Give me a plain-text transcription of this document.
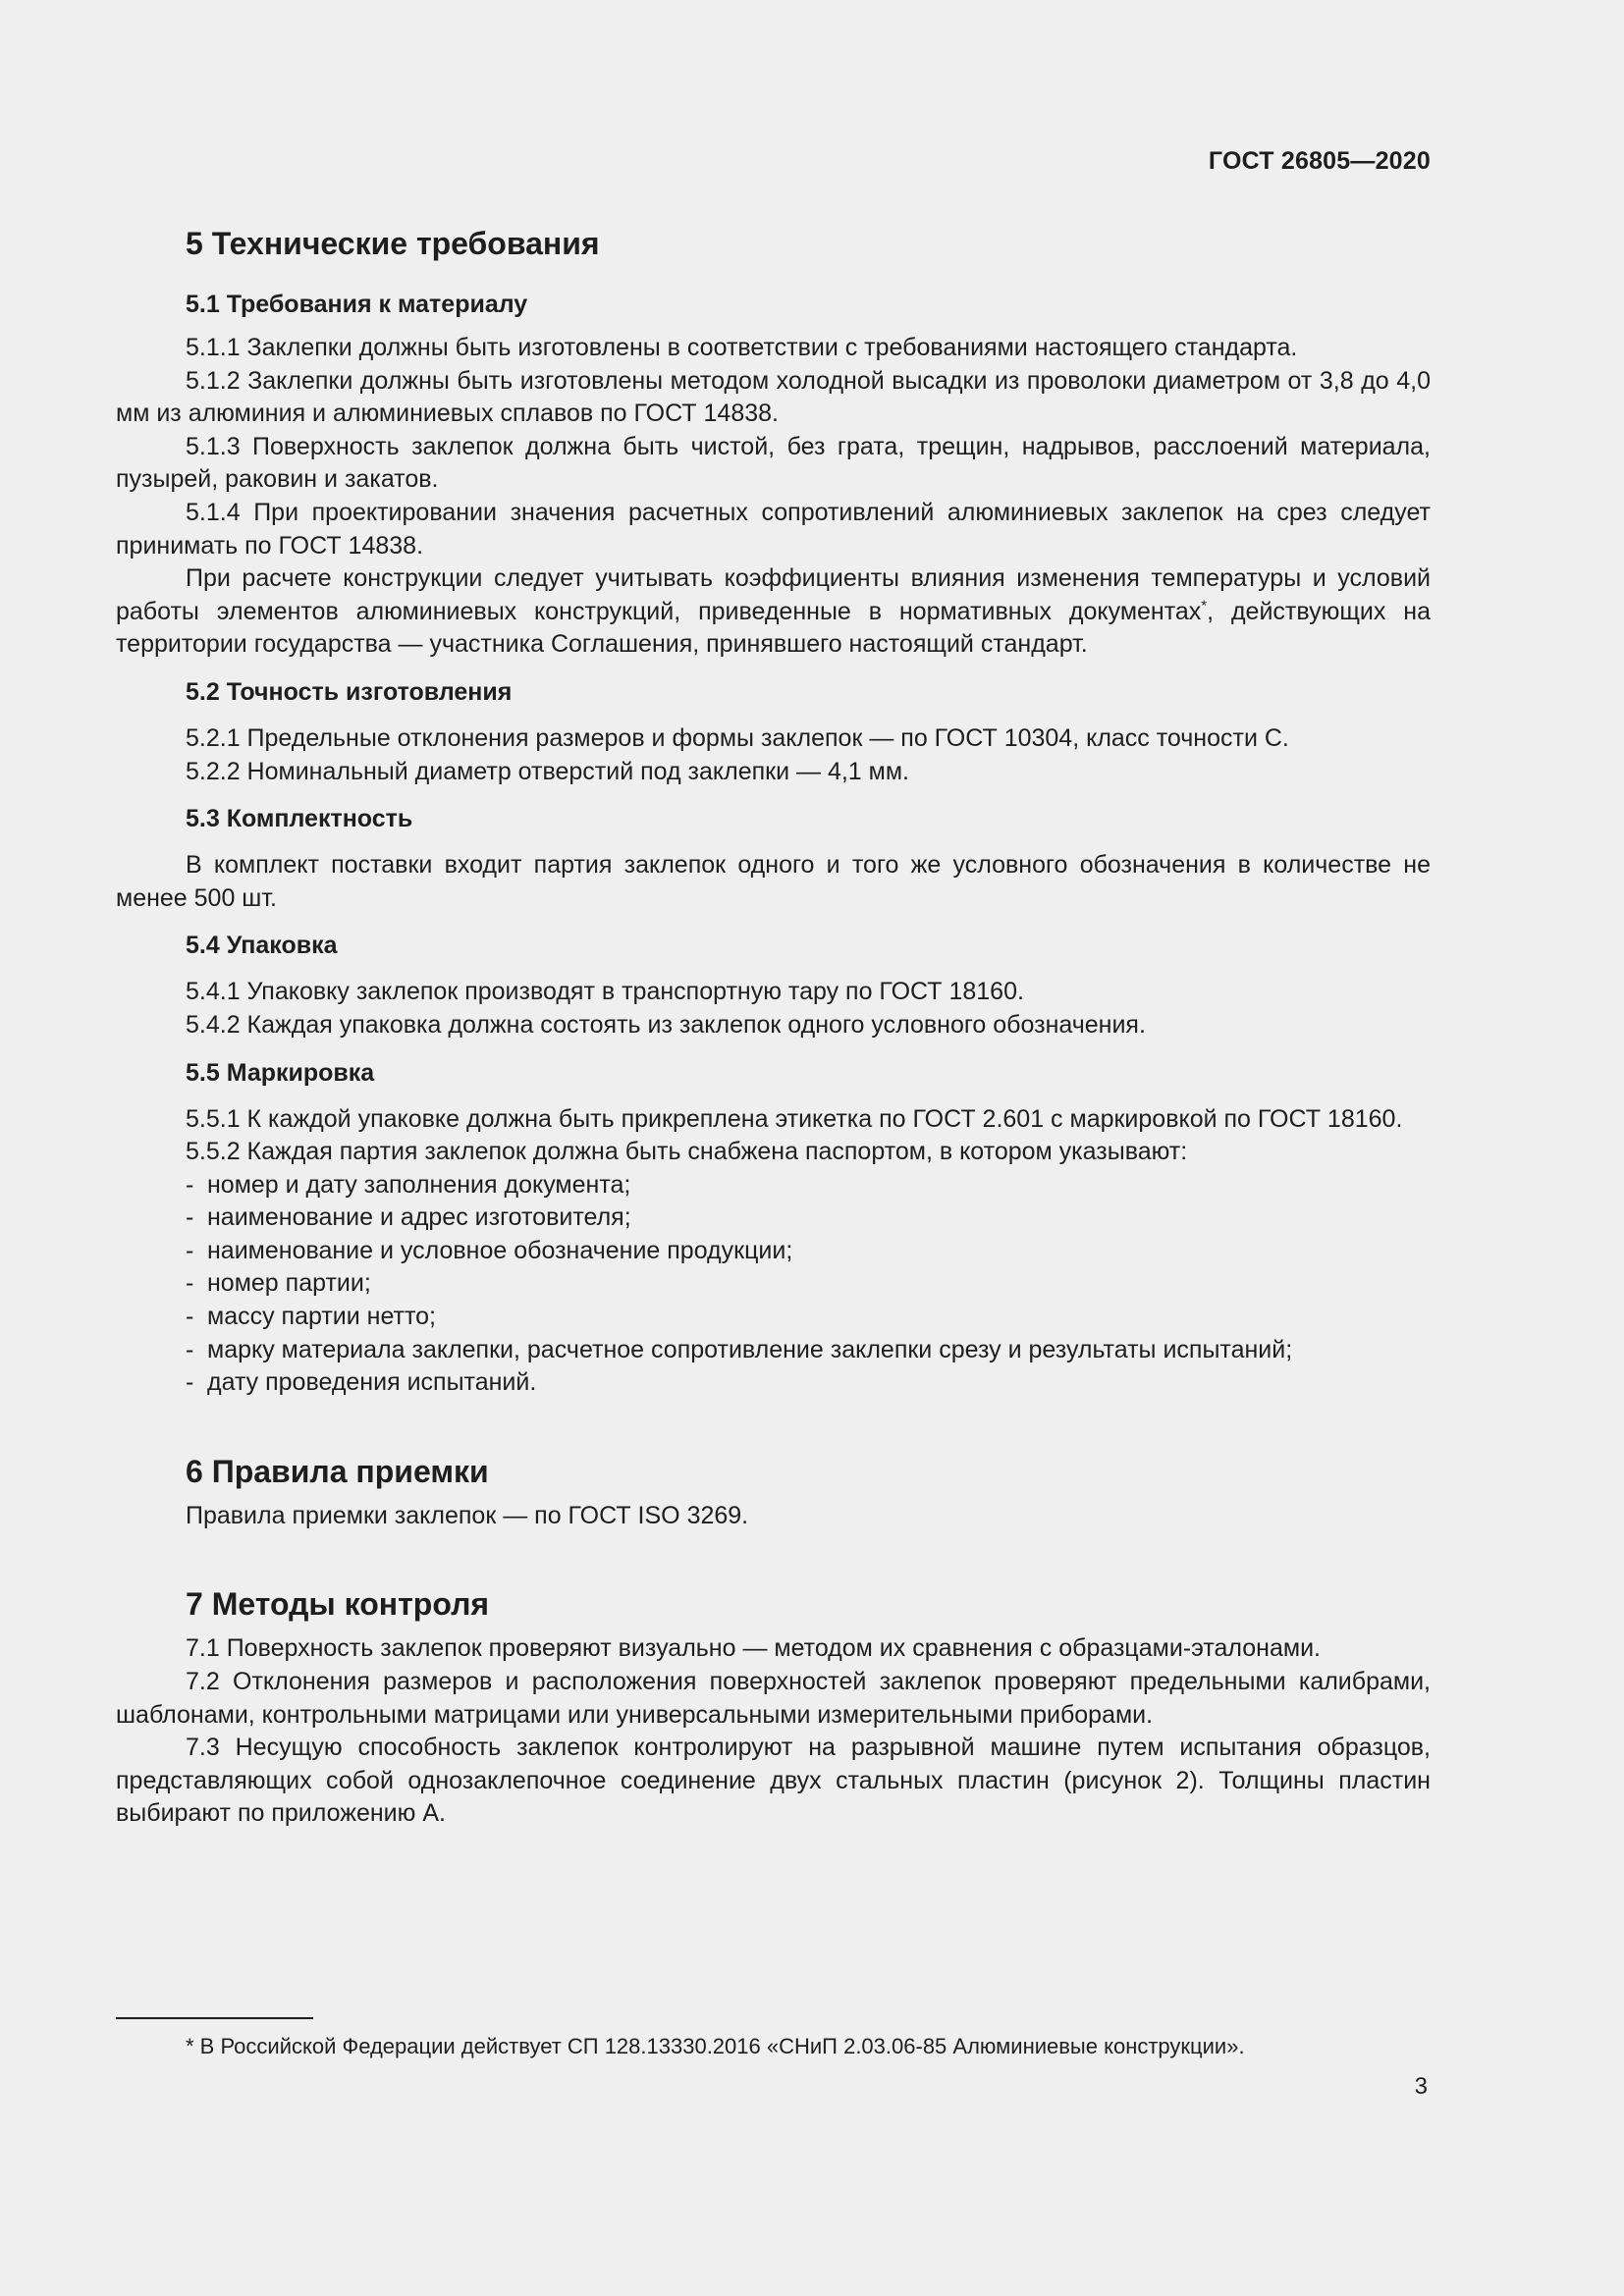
ГОСТ 26805—2020
5 Технические требования
5.1 Требования к материалу

5.1.1 Заклепки должны быть изготовлены в соответствии с требованиями настоящего стандарта.

5.1.2 Заклепки должны быть изготовлены методом холодной высадки из проволоки диаметром от 3,8 до 4,0 мм из алюминия и алюминиевых сплавов по ГОСТ 14838.

5.1.3 Поверхность заклепок должна быть чистой, без грата, трещин, надрывов, расслоений материала, пузырей, раковин и закатов.

5.1.4 При проектировании значения расчетных сопротивлений алюминиевых заклепок на срез следует принимать по ГОСТ 14838.

При расчете конструкции следует учитывать коэффициенты влияния изменения температуры и условий работы элементов алюминиевых конструкций, приведенные в нормативных документах*, действующих на территории государства — участника Соглашения, принявшего настоящий стандарт.

5.2 Точность изготовления

5.2.1 Предельные отклонения размеров и формы заклепок — по ГОСТ 10304, класс точности С.

5.2.2 Номинальный диаметр отверстий под заклепки — 4,1 мм.

5.3 Комплектность

В комплект поставки входит партия заклепок одного и того же условного обозначения в количестве не менее 500 шт.

5.4 Упаковка

5.4.1 Упаковку заклепок производят в транспортную тару по ГОСТ 18160.

5.4.2 Каждая упаковка должна состоять из заклепок одного условного обозначения.

5.5 Маркировка

5.5.1 К каждой упаковке должна быть прикреплена этикетка по ГОСТ 2.601 с маркировкой по ГОСТ 18160.

5.5.2 Каждая партия заклепок должна быть снабжена паспортом, в котором указывают:

- номер и дату заполнения документа;
- наименование и адрес изготовителя;
- наименование и условное обозначение продукции;
- номер партии;
- массу партии нетто;
- марку материала заклепки, расчетное сопротивление заклепки срезу и результаты испытаний;
- дату проведения испытаний.
6 Правила приемки

Правила приемки заклепок — по ГОСТ ISO 3269.

7 Методы контроля

7.1 Поверхность заклепок проверяют визуально — методом их сравнения с образцами-эталонами.

7.2 Отклонения размеров и расположения поверхностей заклепок проверяют предельными калибрами, шаблонами, контрольными матрицами или универсальными измерительными приборами.

7.3 Несущую способность заклепок контролируют на разрывной машине путем испытания образцов, представляющих собой однозаклепочное соединение двух стальных пластин (рисунок 2). Толщины пластин выбирают по приложению А.

* В Российской Федерации действует СП 128.13330.2016 «СНиП 2.03.06-85 Алюминиевые конструкции».
3
